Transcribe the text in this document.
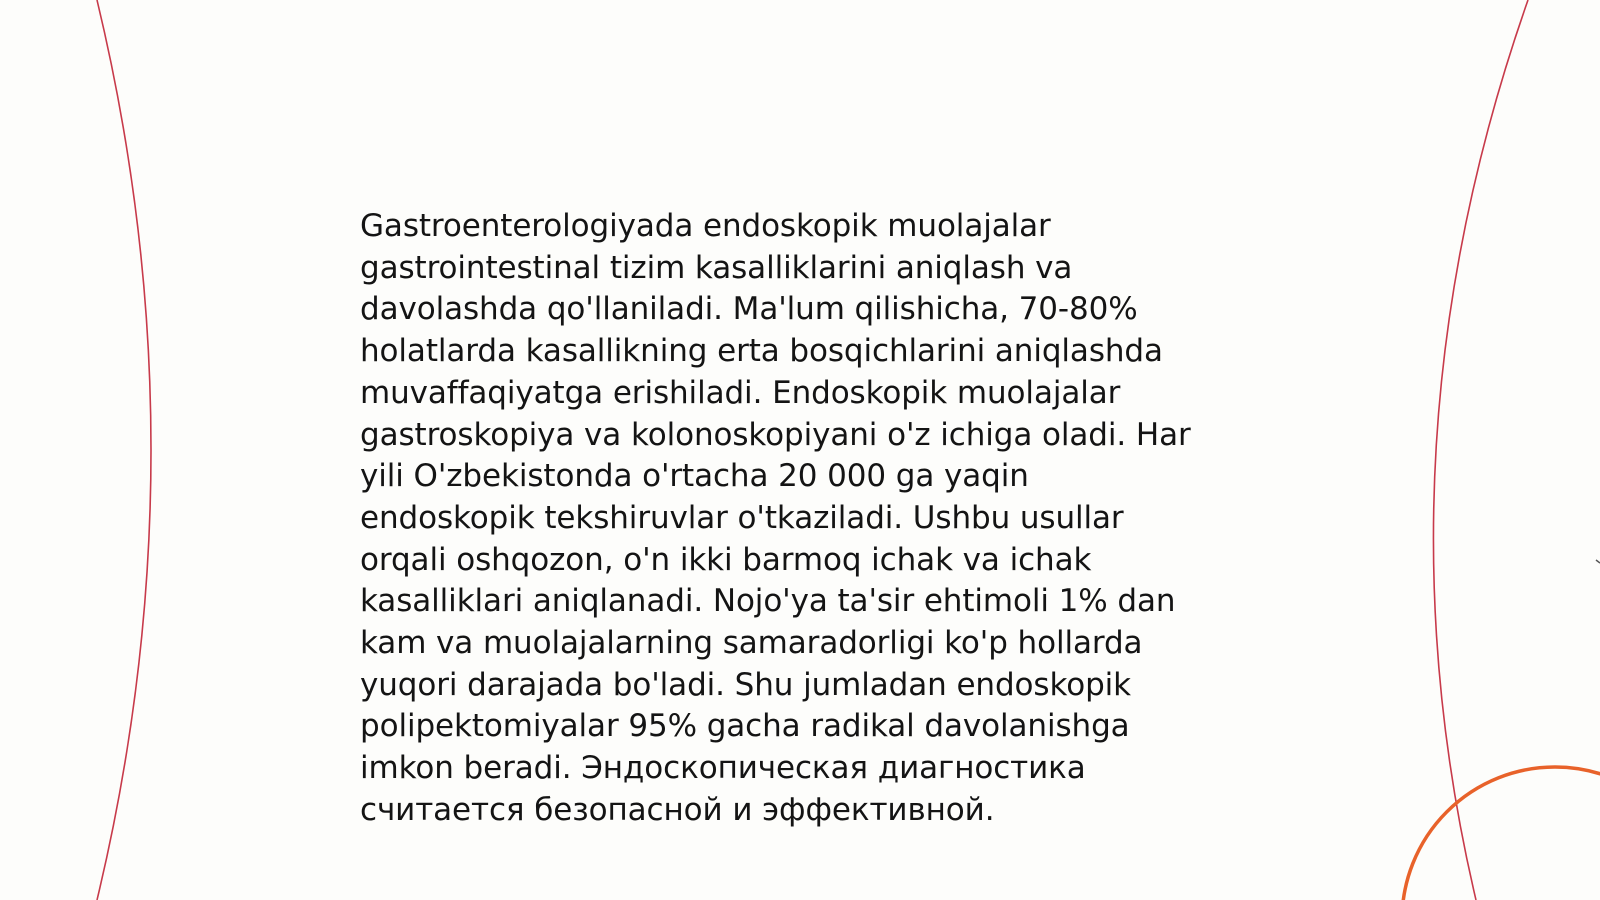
Gastroenterologiyada endoskopik muolajalar
gastrointestinal tizim kasalliklarini aniqlash va
davolashda qo'llaniladi. Ma'lum qilishicha, 70-80%
holatlarda kasallikning erta bosqichlarini aniqlashda
muvaffaqiyatga erishiladi. Endoskopik muolajalar
gastroskopiya va kolonoskopiyani o'z ichiga oladi. Har
yili O'zbekistonda o'rtacha 20 000 ga yaqin
endoskopik tekshiruvlar o'tkaziladi. Ushbu usullar
orqali oshqozon, o'n ikki barmoq ichak va ichak
kasalliklari aniqlanadi. Nojo'ya ta'sir ehtimoli 1% dan
kam va muolajalarning samaradorligi ko'p hollarda
yuqori darajada bo'ladi. Shu jumladan endoskopik
polipektomiyalar 95% gacha radikal davolanishga
imkon beradi. Эндоскопическая диагностика
считается безопасной и эффективной.
